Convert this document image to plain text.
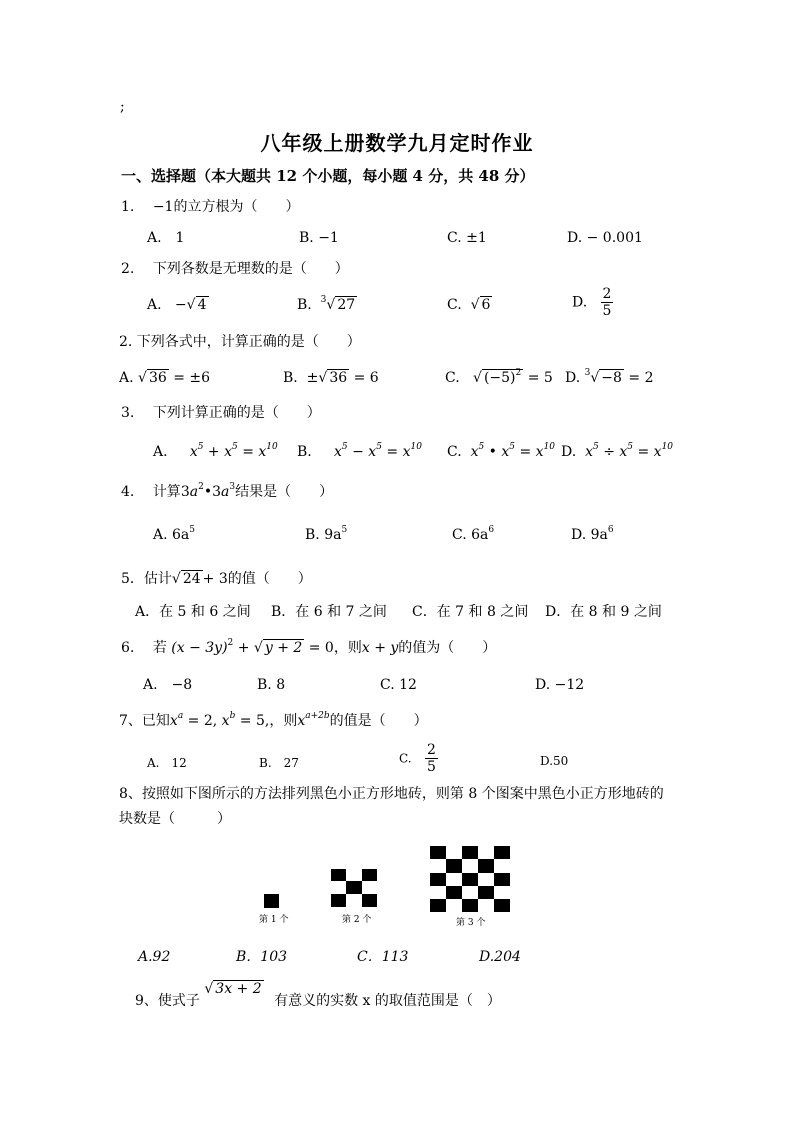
;
八年级上册数学九月定时作业
一、选择题（本大题共 12 个小题，每小题 4 分，共 48 分）
1. −1的立方根为（　　）
A.　1	B. −1	C. ±1	D. − 0.001
2. 下列各数是无理数的是（　　）
A. −√ 4	B. $^3$√ 27	C.  √ 6	D. $\frac{2}{5}$
2. 下列各式中，计算正确的是（　　）
A. √ 36 = ±6	B. ±√ 36 = 6	C.   √ $(-5)^2 = 5$ D. $^3$√ −8 = 2
3. 下列计算正确的是（　　）
A. $x^5 + x^5 = x^{10}$ B. $x^5 - x^5 = x^{10}$ C. $x^5$ • $x^5 = x^{10}$ D. $x^5 \div x^5 = x^{10}$
4. 计算$3a^2•3a^3$结果是（　　）
A. $6a^5$	B. $9a^5$	C. $6a^6$	D. $9a^6$
5．估计√ 24 + 3的值（　　）
A．在 5 和 6 之间 B．在 6 和 7 之间 C．在 7 和 8 之间 D．在 8 和 9 之间
6. 若 $(x - 3y)^2$ + √ y + 2 = 0，则x + y的值为（　　）
A.　−8	B. 8	C. 12	D. −12
7、已知$x^a = 2$, $x^b = 5$,，则$x^{a+2b}$的值是（　　）
A.　12	B.　27	C. $\frac{2}{5}$	D.50
8、按照如下图所示的方法排列黑色小正方形地砖，则第 8 个图案中黑色小正方形地砖的
块数是（　　　）
第 1 个	第 2 个	第 3 个
A.92	B．103	C．113	D.204
9、使式子 √ 3x + 2 有意义的实数 x 的取值范围是（　）
